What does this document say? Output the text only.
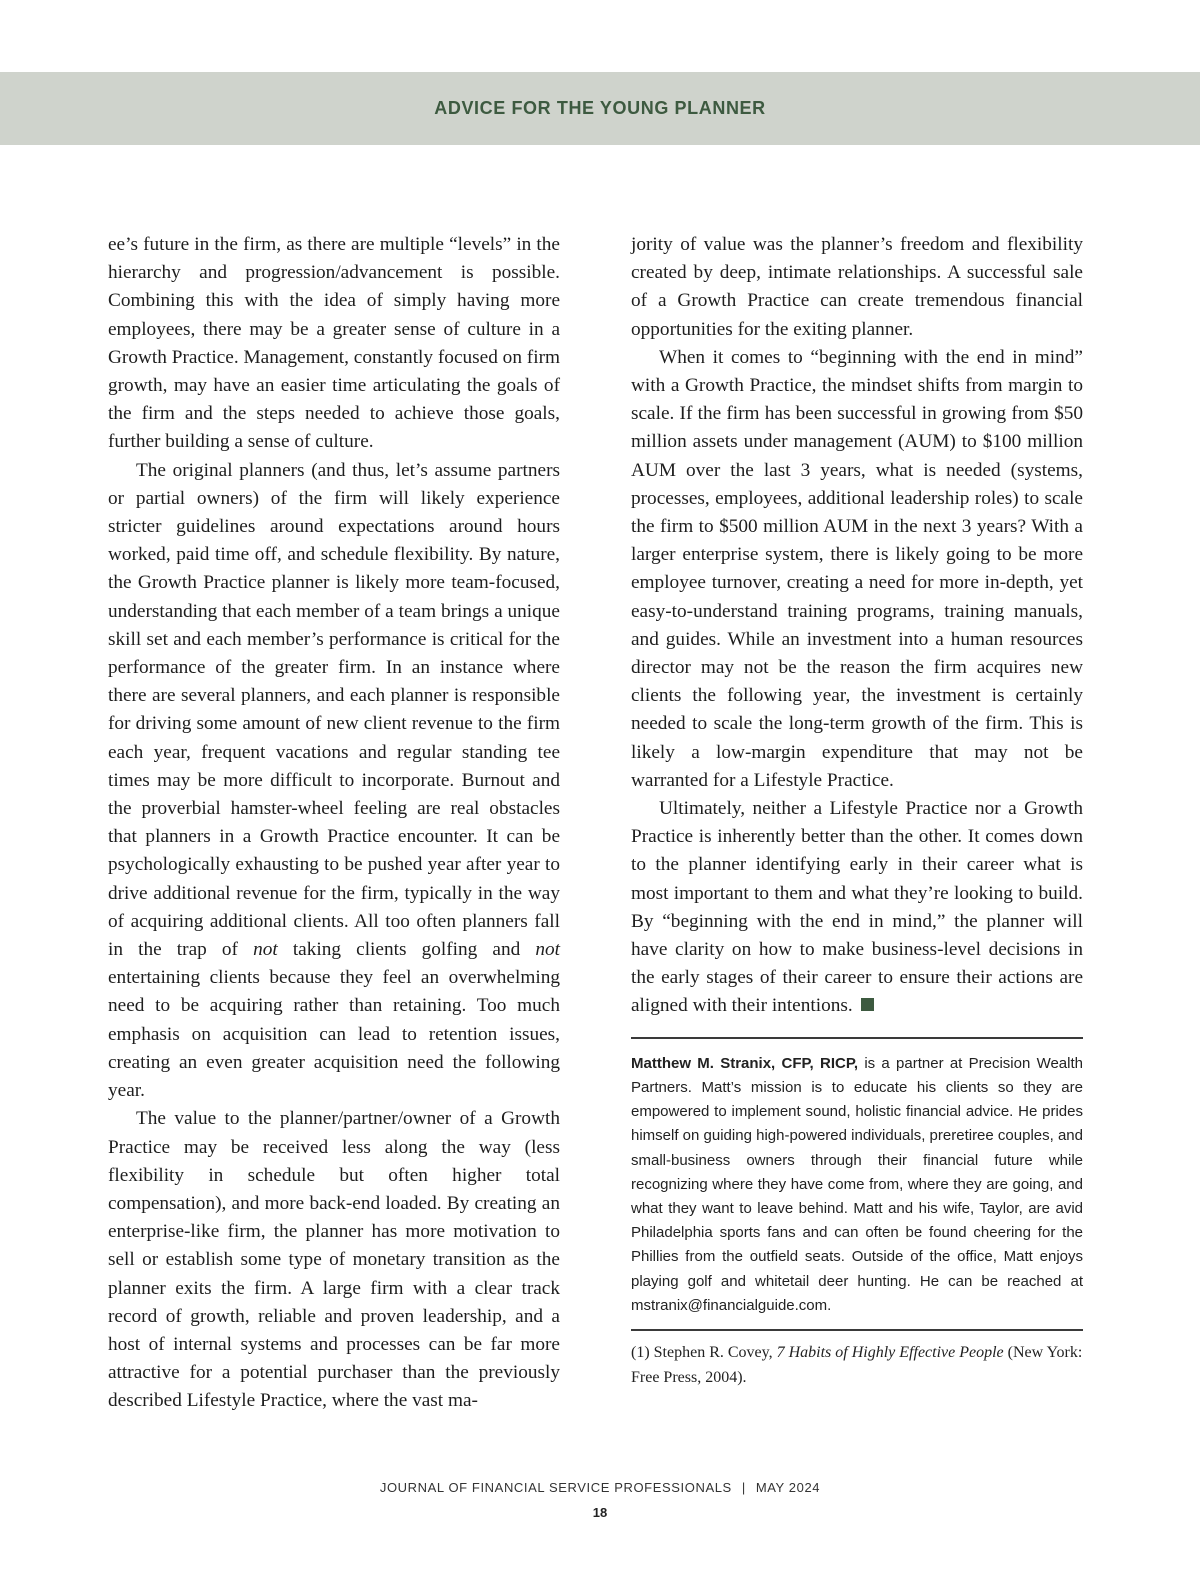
ADVICE FOR THE YOUNG PLANNER

ee’s future in the firm, as there are multiple “levels” in the hierarchy and progression/advancement is possible. Combining this with the idea of simply having more employees, there may be a greater sense of culture in a Growth Practice. Management, constantly focused on firm growth, may have an easier time articulating the goals of the firm and the steps needed to achieve those goals, further building a sense of culture.

The original planners (and thus, let’s assume partners or partial owners) of the firm will likely experience stricter guidelines around expectations around hours worked, paid time off, and schedule flexibility. By nature, the Growth Practice planner is likely more team-focused, understanding that each member of a team brings a unique skill set and each member’s performance is critical for the performance of the greater firm. In an instance where there are several planners, and each planner is responsible for driving some amount of new client revenue to the firm each year, frequent vacations and regular standing tee times may be more difficult to incorporate. Burnout and the proverbial hamster-wheel feeling are real obstacles that planners in a Growth Practice encounter. It can be psychologically exhausting to be pushed year after year to drive additional revenue for the firm, typically in the way of acquiring additional clients. All too often planners fall in the trap of not taking clients golfing and not entertaining clients because they feel an overwhelming need to be acquiring rather than retaining. Too much emphasis on acquisition can lead to retention issues, creating an even greater acquisition need the following year.

The value to the planner/partner/owner of a Growth Practice may be received less along the way (less flexibility in schedule but often higher total compensation), and more back-end loaded. By creating an enterprise-like firm, the planner has more motivation to sell or establish some type of monetary transition as the planner exits the firm. A large firm with a clear track record of growth, reliable and proven leadership, and a host of internal systems and processes can be far more attractive for a potential purchaser than the previously described Lifestyle Practice, where the vast ma-

jority of value was the planner’s freedom and flexibility created by deep, intimate relationships. A successful sale of a Growth Practice can create tremendous financial opportunities for the exiting planner.

When it comes to “beginning with the end in mind” with a Growth Practice, the mindset shifts from margin to scale. If the firm has been successful in growing from $50 million assets under management (AUM) to $100 million AUM over the last 3 years, what is needed (systems, processes, employees, additional leadership roles) to scale the firm to $500 million AUM in the next 3 years? With a larger enterprise system, there is likely going to be more employee turnover, creating a need for more in-depth, yet easy-to-understand training programs, training manuals, and guides. While an investment into a human resources director may not be the reason the firm acquires new clients the following year, the investment is certainly needed to scale the long-term growth of the firm. This is likely a low-margin expenditure that may not be warranted for a Lifestyle Practice.

Ultimately, neither a Lifestyle Practice nor a Growth Practice is inherently better than the other. It comes down to the planner identifying early in their career what is most important to them and what they’re looking to build. By “beginning with the end in mind,” the planner will have clarity on how to make business-level decisions in the early stages of their career to ensure their actions are aligned with their intentions.

Matthew M. Stranix, CFP, RICP, is a partner at Precision Wealth Partners. Matt’s mission is to educate his clients so they are empowered to implement sound, holistic financial advice. He prides himself on guiding high-powered individuals, preretiree couples, and small-business owners through their financial future while recognizing where they have come from, where they are going, and what they want to leave behind. Matt and his wife, Taylor, are avid Philadelphia sports fans and can often be found cheering for the Phillies from the outfield seats. Outside of the office, Matt enjoys playing golf and whitetail deer hunting. He can be reached at mstranix@financialguide.com.
(1) Stephen R. Covey, 7 Habits of Highly Effective People (New York: Free Press, 2004).
JOURNAL OF FINANCIAL SERVICE PROFESSIONALS | MAY 2024
18
